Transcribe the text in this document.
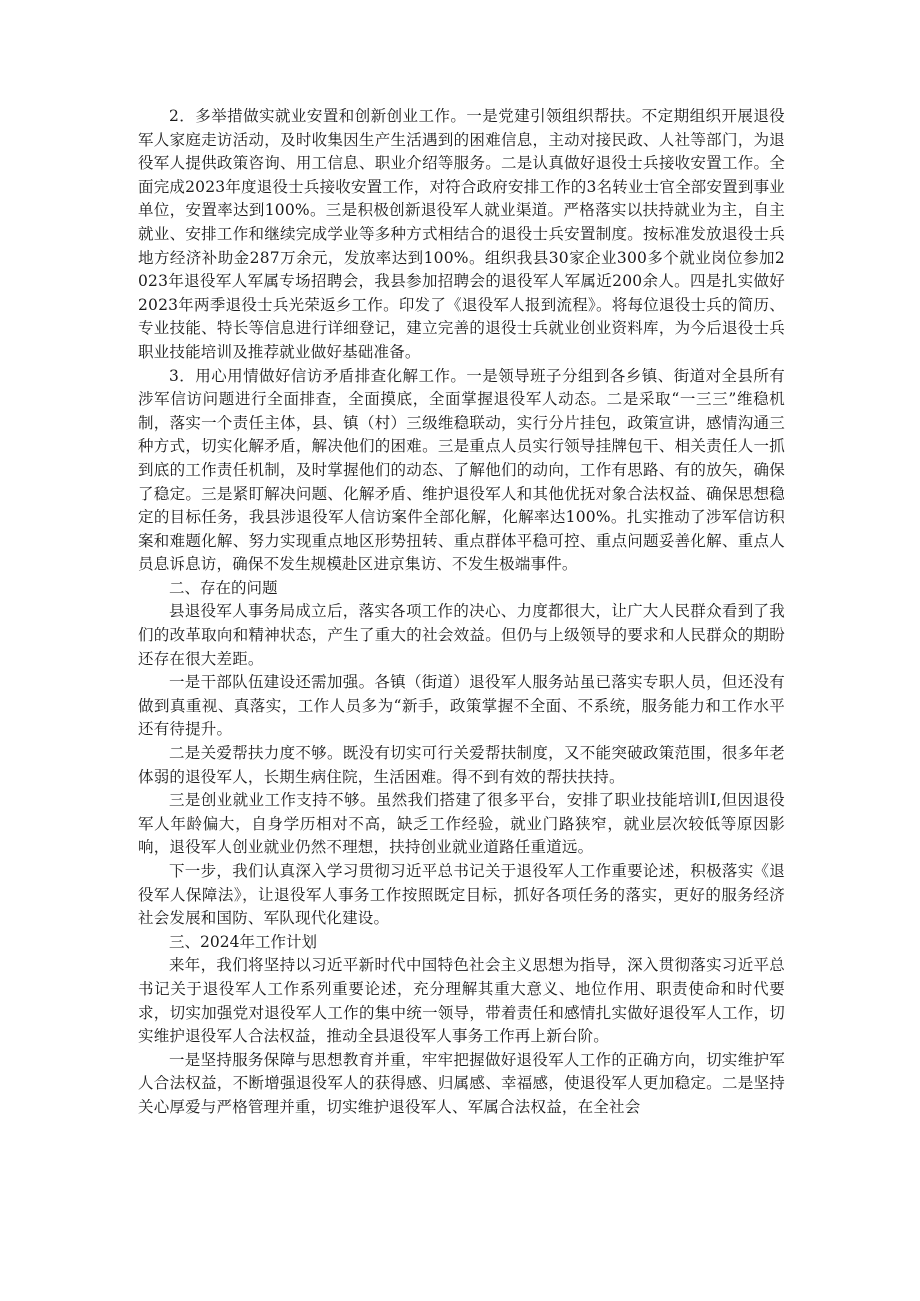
2．多举措做实就业安置和创新创业工作。一是党建引领组织帮扶。不定期组织开展退役军人家庭走访活动，及时收集因生产生活遇到的困难信息，主动对接民政、人社等部门，为退役军人提供政策咨询、用工信息、职业介绍等服务。二是认真做好退役士兵接收安置工作。全面完成2023年度退役士兵接收安置工作，对符合政府安排工作的3名转业士官全部安置到事业单位，安置率达到100%。三是积极创新退役军人就业渠道。严格落实以扶持就业为主，自主就业、安排工作和继续完成学业等多种方式相结合的退役士兵安置制度。按标准发放退役士兵地方经济补助金287万余元，发放率达到100%。组织我县30家企业300多个就业岗位参加2023年退役军人军属专场招聘会，我县参加招聘会的退役军人军属近200余人。四是扎实做好2023年两季退役士兵光荣返乡工作。印发了《退役军人报到流程》。将每位退役士兵的简历、专业技能、特长等信息进行详细登记，建立完善的退役士兵就业创业资料库，为今后退役士兵职业技能培训及推荐就业做好基础准备。

3．用心用情做好信访矛盾排查化解工作。一是领导班子分组到各乡镇、街道对全县所有涉军信访问题进行全面排查，全面摸底，全面掌握退役军人动态。二是采取“一三三”维稳机制，落实一个责任主体，县、镇（村）三级维稳联动，实行分片挂包，政策宣讲，感情沟通三种方式，切实化解矛盾，解决他们的困难。三是重点人员实行领导挂牌包干、相关责任人一抓到底的工作责任机制，及时掌握他们的动态、了解他们的动向，工作有思路、有的放矢，确保了稳定。三是紧盯解决问题、化解矛盾、维护退役军人和其他优抚对象合法权益、确保思想稳定的目标任务，我县涉退役军人信访案件全部化解，化解率达100%。扎实推动了涉军信访积案和难题化解、努力实现重点地区形势扭转、重点群体平稳可控、重点问题妥善化解、重点人员息诉息访，确保不发生规模赴区进京集访、不发生极端事件。

二、存在的问题

县退役军人事务局成立后，落实各项工作的决心、力度都很大，让广大人民群众看到了我们的改革取向和精神状态，产生了重大的社会效益。但仍与上级领导的要求和人民群众的期盼还存在很大差距。

一是干部队伍建设还需加强。各镇（街道）退役军人服务站虽已落实专职人员，但还没有做到真重视、真落实，工作人员多为“新手，政策掌握不全面、不系统，服务能力和工作水平还有待提升。

二是关爱帮扶力度不够。既没有切实可行关爱帮扶制度，又不能突破政策范围，很多年老体弱的退役军人，长期生病住院，生活困难。得不到有效的帮扶扶持。

三是创业就业工作支持不够。虽然我们搭建了很多平台，安排了职业技能培训I,但因退役军人年龄偏大，自身学历相对不高，缺乏工作经验，就业门路狭窄，就业层次较低等原因影响，退役军人创业就业仍然不理想，扶持创业就业道路任重道远。

下一步，我们认真深入学习贯彻习近平总书记关于退役军人工作重要论述，积极落实《退役军人保障法》，让退役军人事务工作按照既定目标，抓好各项任务的落实，更好的服务经济社会发展和国防、军队现代化建设。

三、2024年工作计划

来年，我们将坚持以习近平新时代中国特色社会主义思想为指导，深入贯彻落实习近平总书记关于退役军人工作系列重要论述，充分理解其重大意义、地位作用、职责使命和时代要求，切实加强党对退役军人工作的集中统一领导，带着责任和感情扎实做好退役军人工作，切实维护退役军人合法权益，推动全县退役军人事务工作再上新台阶。

一是坚持服务保障与思想教育并重，牢牢把握做好退役军人工作的正确方向，切实维护军人合法权益，不断增强退役军人的获得感、归属感、幸福感，使退役军人更加稳定。二是坚持关心厚爱与严格管理并重，切实维护退役军人、军属合法权益，在全社会
